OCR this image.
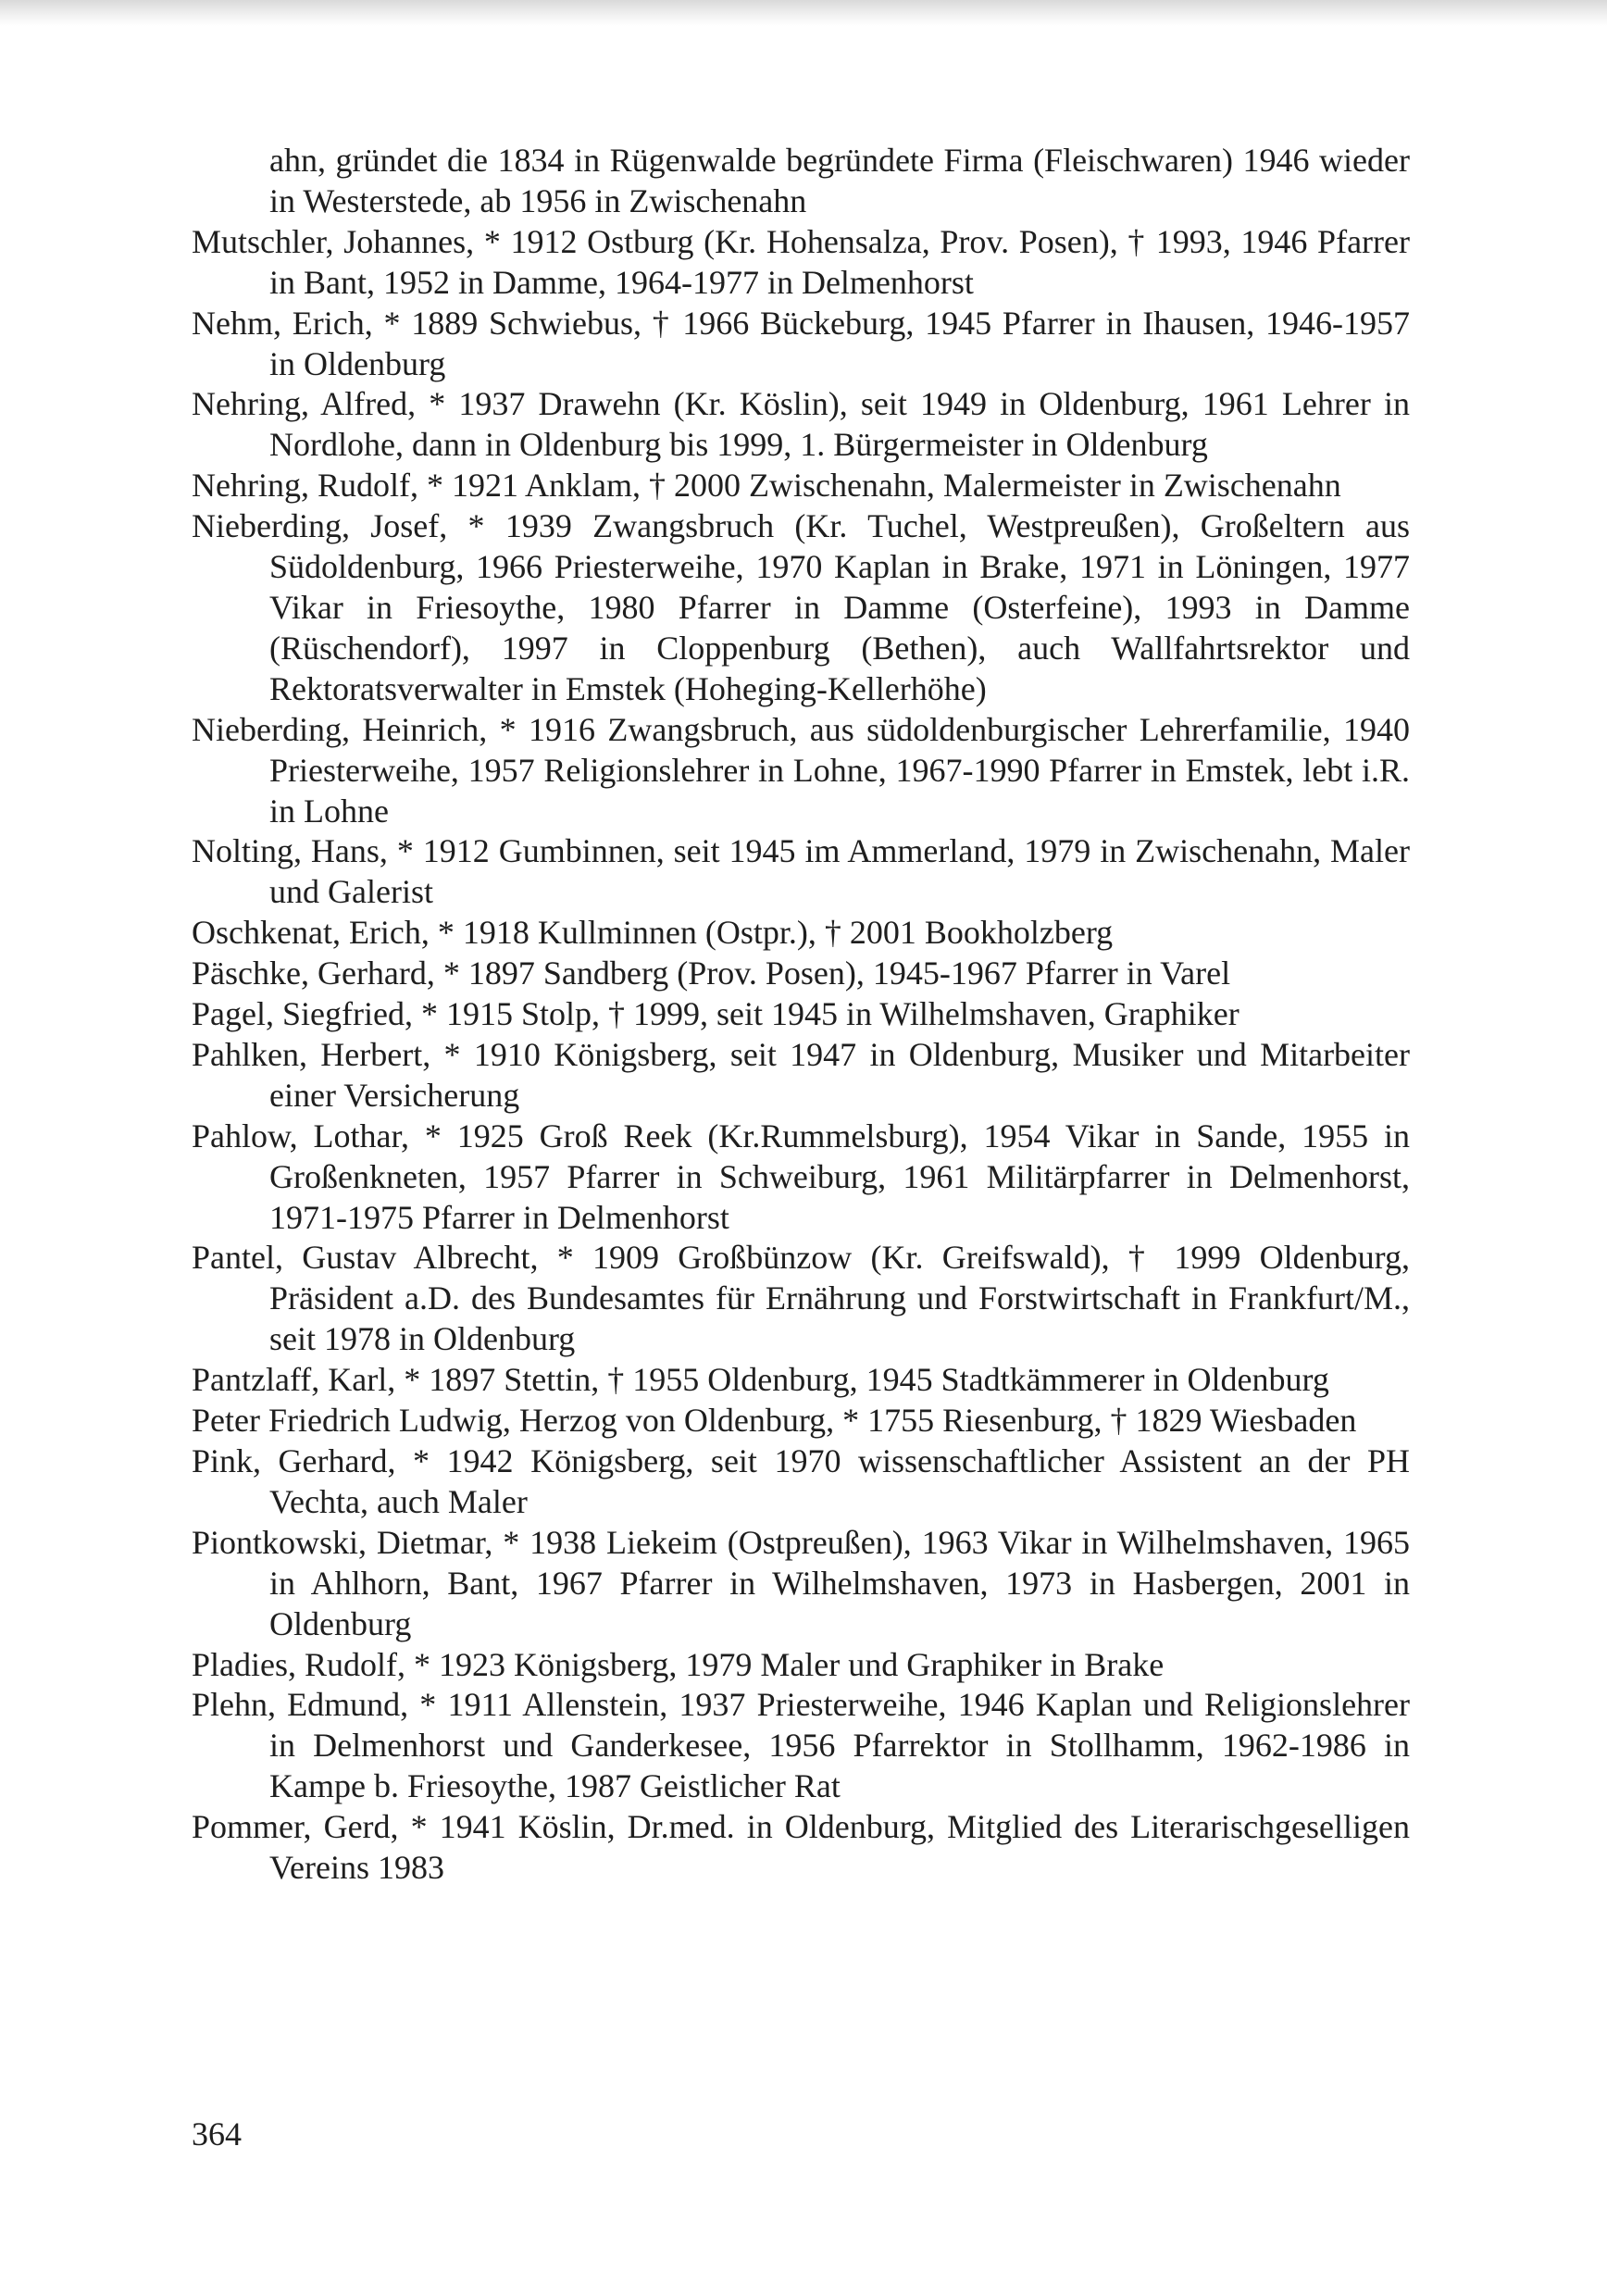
ahn, gründet die 1834 in Rügenwalde begründete Firma (Fleischwaren) 1946 wieder in Westerstede, ab 1956 in Zwischenahn

Mutschler, Johannes, * 1912 Ostburg (Kr. Hohensalza, Prov. Posen), † 1993, 1946 Pfarrer in Bant, 1952 in Damme, 1964-1977 in Delmenhorst

Nehm, Erich, * 1889 Schwiebus, † 1966 Bückeburg, 1945 Pfarrer in Ihausen, 1946-1957 in Oldenburg

Nehring, Alfred, * 1937 Drawehn (Kr. Köslin), seit 1949 in Oldenburg, 1961 Lehrer in Nordlohe, dann in Oldenburg bis 1999, 1. Bürgermeister in Oldenburg

Nehring, Rudolf, * 1921 Anklam, † 2000 Zwischenahn, Malermeister in Zwischenahn

Nieberding, Josef, * 1939 Zwangsbruch (Kr. Tuchel, Westpreußen), Großeltern aus Südoldenburg, 1966 Priesterweihe, 1970 Kaplan in Brake, 1971 in Löningen, 1977 Vikar in Friesoythe, 1980 Pfarrer in Damme (Osterfeine), 1993 in Damme (Rüschendorf), 1997 in Cloppenburg (Bethen), auch Wallfahrtsrektor und Rektoratsverwalter in Emstek (Hoheging-Kellerhöhe)

Nieberding, Heinrich, * 1916 Zwangsbruch, aus südoldenburgischer Lehrerfamilie, 1940 Priesterweihe, 1957 Religionslehrer in Lohne, 1967-1990 Pfarrer in Emstek, lebt i.R. in Lohne

Nolting, Hans, * 1912 Gumbinnen, seit 1945 im Ammerland, 1979 in Zwischenahn, Maler und Galerist

Oschkenat, Erich, * 1918 Kullminnen (Ostpr.), † 2001 Bookholzberg

Päschke, Gerhard, * 1897 Sandberg (Prov. Posen), 1945-1967 Pfarrer in Varel

Pagel, Siegfried, * 1915 Stolp, † 1999, seit 1945 in Wilhelmshaven, Graphiker

Pahlken, Herbert, * 1910 Königsberg, seit 1947 in Oldenburg, Musiker und Mitarbeiter einer Versicherung

Pahlow, Lothar, * 1925 Groß Reek (Kr.Rummelsburg), 1954 Vikar in Sande, 1955 in Großenkneten, 1957 Pfarrer in Schweiburg, 1961 Militärpfarrer in Delmenhorst, 1971-1975 Pfarrer in Delmenhorst

Pantel, Gustav Albrecht, * 1909 Großbünzow (Kr. Greifswald), † 1999 Oldenburg, Präsident a.D. des Bundesamtes für Ernährung und Forstwirtschaft in Frankfurt/M., seit 1978 in Oldenburg

Pantzlaff, Karl, * 1897 Stettin, † 1955 Oldenburg, 1945 Stadtkämmerer in Oldenburg

Peter Friedrich Ludwig, Herzog von Oldenburg, * 1755 Riesenburg, † 1829 Wiesbaden

Pink, Gerhard, * 1942 Königsberg, seit 1970 wissenschaftlicher Assistent an der PH Vechta, auch Maler

Piontkowski, Dietmar, * 1938 Liekeim (Ostpreußen), 1963 Vikar in Wilhelmshaven, 1965 in Ahlhorn, Bant, 1967 Pfarrer in Wilhelmshaven, 1973 in Hasbergen, 2001 in Oldenburg

Pladies, Rudolf, * 1923 Königsberg, 1979 Maler und Graphiker in Brake

Plehn, Edmund, * 1911 Allenstein, 1937 Priesterweihe, 1946 Kaplan und Religionslehrer in Delmenhorst und Ganderkesee, 1956 Pfarrektor in Stollhamm, 1962-1986 in Kampe b. Friesoythe, 1987 Geistlicher Rat

Pommer, Gerd, * 1941 Köslin, Dr.med. in Oldenburg, Mitglied des Literarischgeselligen Vereins 1983

364
